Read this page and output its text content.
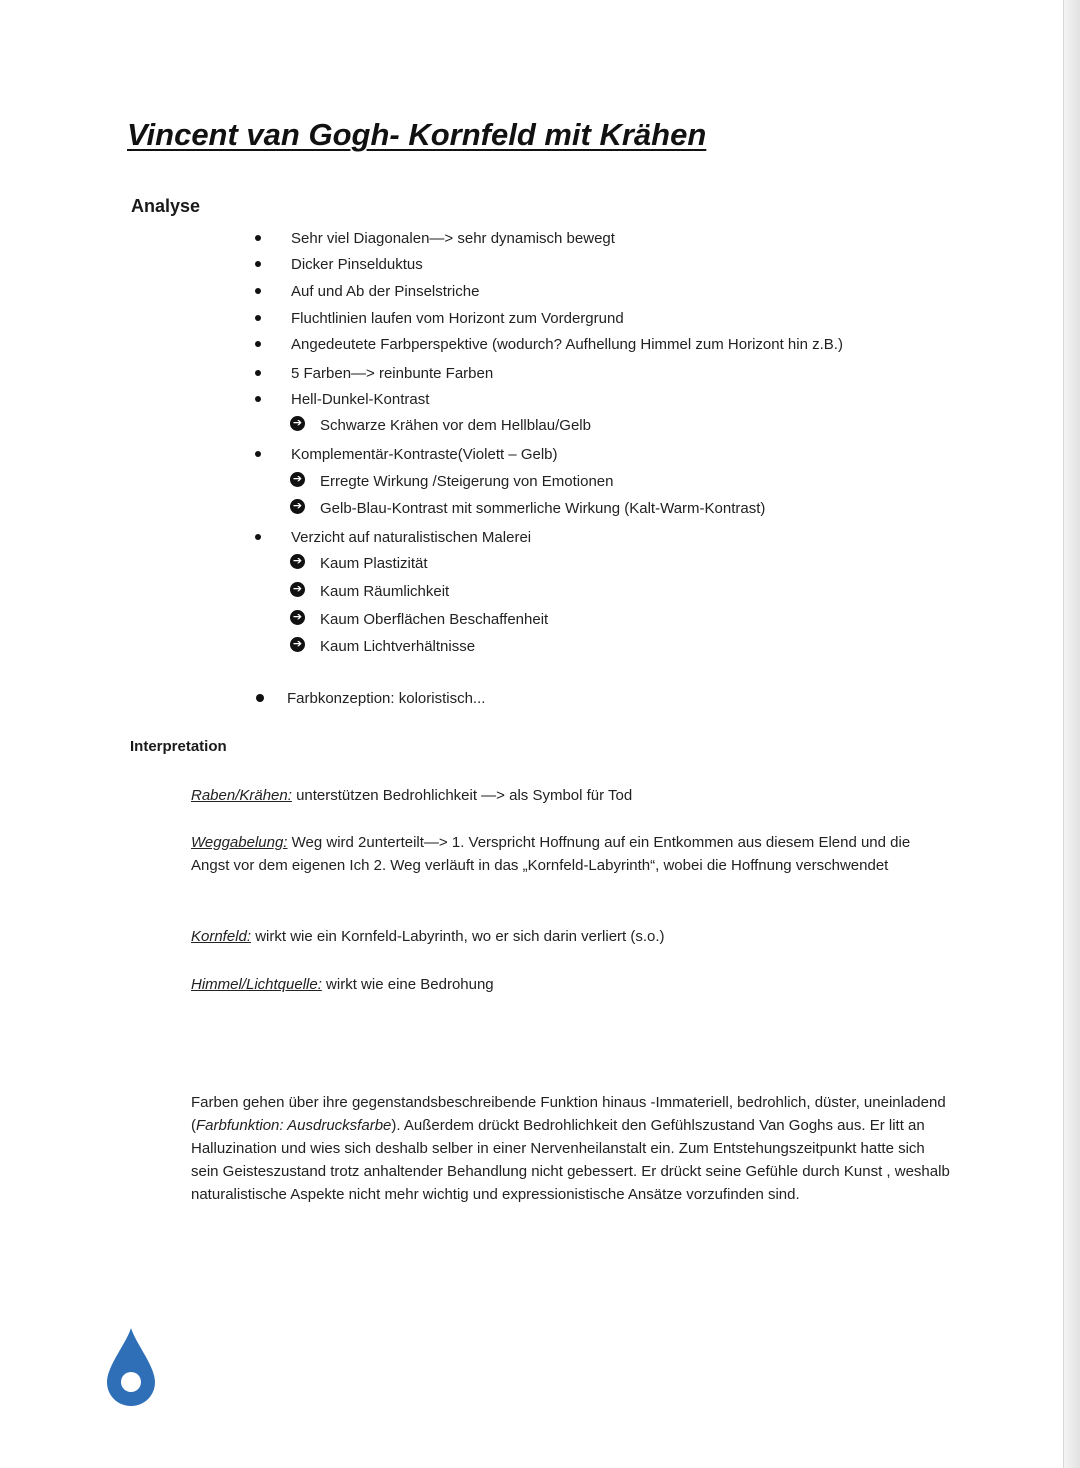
Vincent van Gogh- Kornfeld mit Krähen
Analyse
Sehr viel Diagonalen—> sehr dynamisch bewegt
Dicker Pinselduktus
Auf und Ab der Pinselstriche
Fluchtlinien laufen vom Horizont zum Vordergrund
Angedeutete Farbperspektive (wodurch? Aufhellung Himmel zum Horizont hin z.B.)
5 Farben—> reinbunte Farben
Hell-Dunkel-Kontrast
➔ Schwarze Krähen vor dem Hellblau/Gelb
Komplementär-Kontraste(Violett – Gelb)
➔ Erregte Wirkung /Steigerung von Emotionen
➔ Gelb-Blau-Kontrast mit sommerliche Wirkung (Kalt-Warm-Kontrast)
Verzicht auf naturalistischen Malerei
➔ Kaum Plastizität
➔ Kaum Räumlichkeit
➔ Kaum Oberflächen Beschaffenheit
➔ Kaum Lichtverhältnisse
Farbkonzeption: koloristisch...
Interpretation

Raben/Krähen: unterstützen Bedrohlichkeit —> als Symbol für Tod

Weggabelung: Weg wird 2unterteilt—> 1. Verspricht Hoffnung auf ein Entkommen aus diesem Elend und die Angst vor dem eigenen Ich 2. Weg verläuft in das „Kornfeld-Labyrinth“, wobei die Hoffnung verschwendet

Kornfeld: wirkt wie ein Kornfeld-Labyrinth, wo er sich darin verliert (s.o.)

Himmel/Lichtquelle: wirkt wie eine Bedrohung

Farben gehen über ihre gegenstandsbeschreibende Funktion hinaus -Immateriell, bedrohlich, düster, uneinladend (Farbfunktion: Ausdrucksfarbe). Außerdem drückt Bedrohlichkeit den Gefühlszustand Van Goghs aus. Er litt an Halluzination und wies sich deshalb selber in einer Nervenheilanstalt ein. Zum Entstehungszeitpunkt hatte sich sein Geisteszustand trotz anhaltender Behandlung nicht gebessert. Er drückt seine Gefühle durch Kunst , weshalb naturalistische Aspekte nicht mehr wichtig und expressionistische Ansätze vorzufinden sind.
